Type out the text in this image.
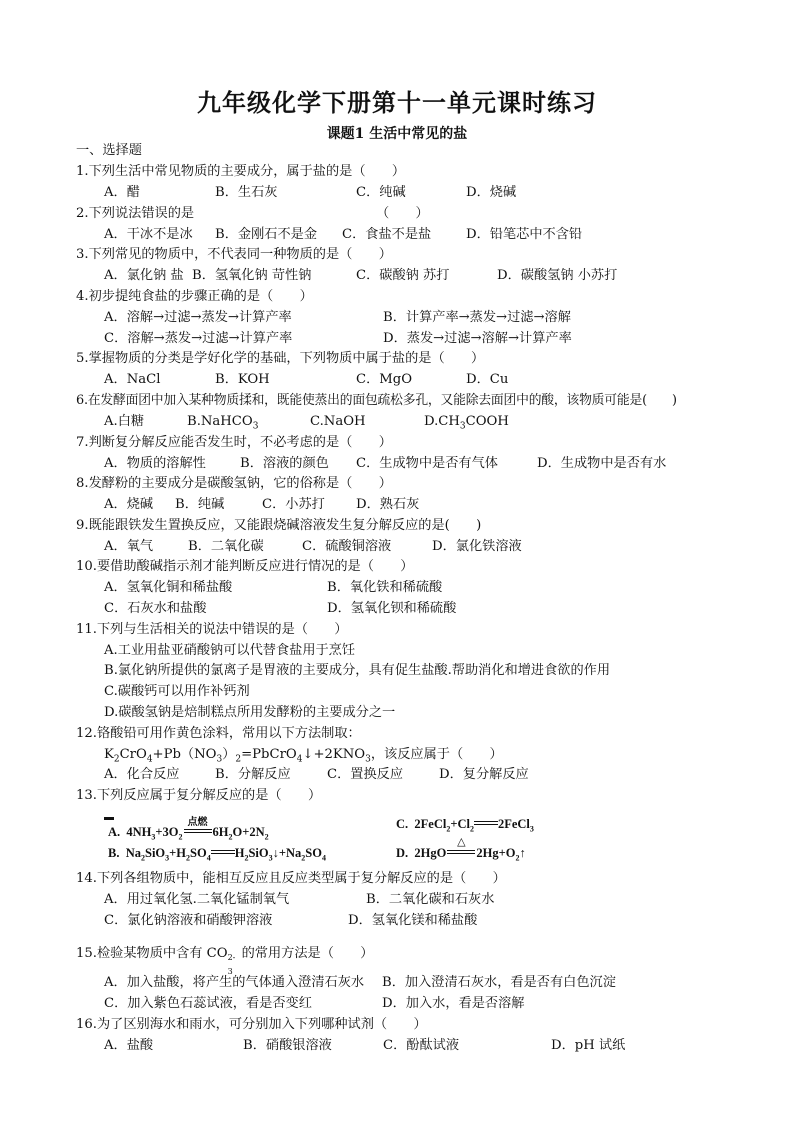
九年级化学下册第十一单元课时练习
课题1 生活中常见的盐
一、选择题
1.下列生活中常见物质的主要成分，属于盐的是（　　）
A．醋	B．生石灰	C．纯碱	D．烧碱
2.下列说法错误的是	（　　）
A．干冰不是冰 B．金刚石不是金 C．食盐不是盐	D．铅笔芯中不含铅
3.下列常见的物质中，不代表同一种物质的是（　　）
A．氯化钠 盐 B．氢氧化钠 苛性钠	C．碳酸钠 苏打	D．碳酸氢钠 小苏打
4.初步提纯食盐的步骤正确的是（　　）
A．溶解→过滤→蒸发→计算产率	B．计算产率→蒸发→过滤→溶解
C．溶解→蒸发→过滤→计算产率	D．蒸发→过滤→溶解→计算产率
5.掌握物质的分类是学好化学的基础，下列物质中属于盐的是（　　）
A．NaCl	B．KOH	C．MgO	D．Cu
6.在发酵面团中加入某种物质揉和，既能使蒸出的面包疏松多孔，又能除去面团中的酸，该物质可能是(　　)
A.白糖	B.NaHCO$_3$	C.NaOH	$D.CH_3COOH$
7.判断复分解反应能否发生时，不必考虑的是（　　）
A．物质的溶解性	B．溶液的颜色 C．生成物中是否有气体	D．生成物中是否有水
8.发酵粉的主要成分是碳酸氢钠，它的俗称是（　　）
A．烧碱 B．纯碱	C．小苏打 D．熟石灰
9.既能跟铁发生置换反应，又能跟烧碱溶液发生复分解反应的是(　　)
A．氧气	B．二氧化碳	C．硫酸铜溶液	D．氯化铁溶液
10.要借助酸碱指示剂才能判断反应进行情况的是（　　）
A．氢氧化铜和稀盐酸	B．氧化铁和稀硫酸
C．石灰水和盐酸	D．氢氧化钡和稀硫酸
11.下列与生活相关的说法中错误的是（　　）
A.工业用盐亚硝酸钠可以代替食盐用于烹饪
B.氯化钠所提供的氯离子是胃液的主要成分，具有促生盐酸.帮助消化和增进食欲的作用
C.碳酸钙可以用作补钙剂
D.碳酸氢钠是焙制糕点所用发酵粉的主要成分之一
12.铬酸铅可用作黄色涂料，常用以下方法制取：
$K_2CrO_4+Pb(NO_3)_2=PbCrO_4↓+2KNO_3$，该反应属于（　　）
A．化合反应	B．分解反应	C．置换反应	D．复分解反应
13.下列反应属于复分解反应的是（　　）
A. $4NH_3+3O_2$
点燃
$6H_2O+2N_2$
C. $2FeCl_2+Cl_2$ 2FeCl$_3$
B. $Na_2SiO_3+H_2SO_4$ $H_2SiO_3↓+Na_2SO_4$	D. 2HgO
△
$2Hg+O_2↑$
14.下列各组物质中，能相互反应且反应类型属于复分解反应的是（　　）
A．用过氧化氢.二氧化锰制氧气	B．二氧化碳和石灰水
C．氯化钠溶液和硝酸钾溶液	D．氢氧化镁和稀盐酸
15.检验某物质中含有 CO 2-
3
的常用方法是（　　）
A．加入盐酸，将产生的气体通入澄清石灰水 B．加入澄清石灰水，看是否有白色沉淀
C．加入紫色石蕊试液，看是否变红	D．加入水，看是否溶解
16.为了区别海水和雨水，可分别加入下列哪种试剂（　　）
A．盐酸	B．硝酸银溶液	C．酚酞试液	D．pH 试纸
